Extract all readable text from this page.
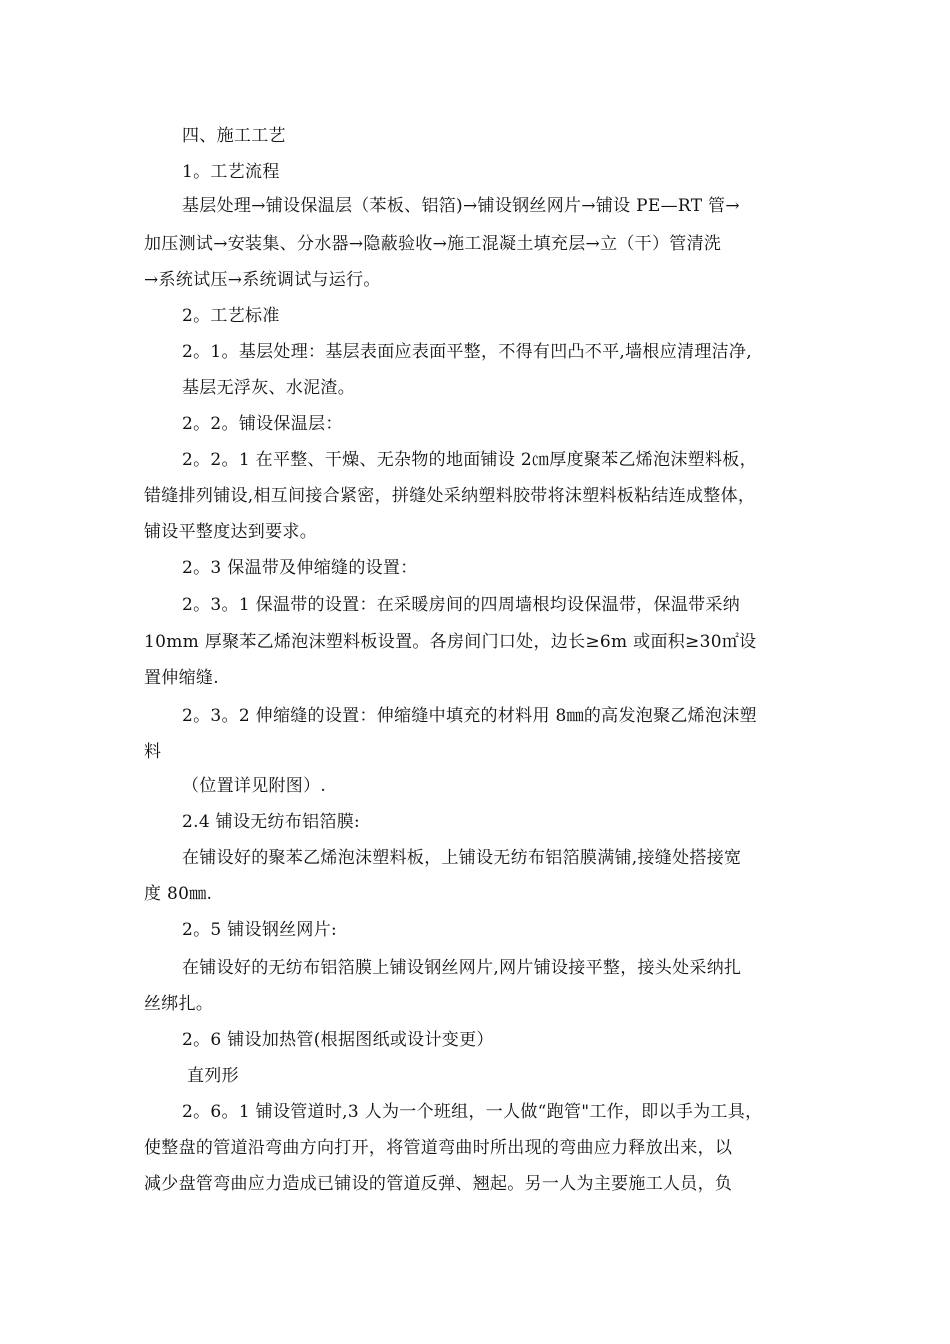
四、施工工艺
1。工艺流程
基层处理→铺设保温层（苯板、铝箔)→铺设钢丝网片→铺设 PE—RT 管→
加压测试→安装集、分水器→隐蔽验收→施工混凝土填充层→立（干）管清洗
→系统试压→系统调试与运行。
2。工艺标准
2。1。基层处理：基层表面应表面平整，不得有凹凸不平,墙根应清理洁净,
基层无浮灰、水泥渣。
2。2。铺设保温层：
2。2。1 在平整、干燥、无杂物的地面铺设 2㎝厚度聚苯乙烯泡沫塑料板，
错缝排列铺设,相互间接合紧密，拼缝处采纳塑料胶带将沫塑料板粘结连成整体，
铺设平整度达到要求。
2。3 保温带及伸缩缝的设置：
2。3。1 保温带的设置：在采暖房间的四周墙根均设保温带，保温带采纳
10mm 厚聚苯乙烯泡沫塑料板设置。各房间门口处，边长≥6m 或面积≥30㎡设
置伸缩缝.
2。3。2 伸缩缝的设置：伸缩缝中填充的材料用 8㎜的高发泡聚乙烯泡沫塑
料
（位置详见附图）.
2.4 铺设无纺布铝箔膜:
在铺设好的聚苯乙烯泡沫塑料板，上铺设无纺布铝箔膜满铺,接缝处搭接宽
度 80㎜.
2。5 铺设钢丝网片:
在铺设好的无纺布铝箔膜上铺设钢丝网片,网片铺设接平整，接头处采纳扎
丝绑扎。
2。6 铺设加热管(根据图纸或设计变更）
直列形
2。6。1 铺设管道时,3 人为一个班组，一人做“跑管"工作，即以手为工具，
使整盘的管道沿弯曲方向打开，将管道弯曲时所出现的弯曲应力释放出来，以
减少盘管弯曲应力造成已铺设的管道反弹、翘起。另一人为主要施工人员，负
